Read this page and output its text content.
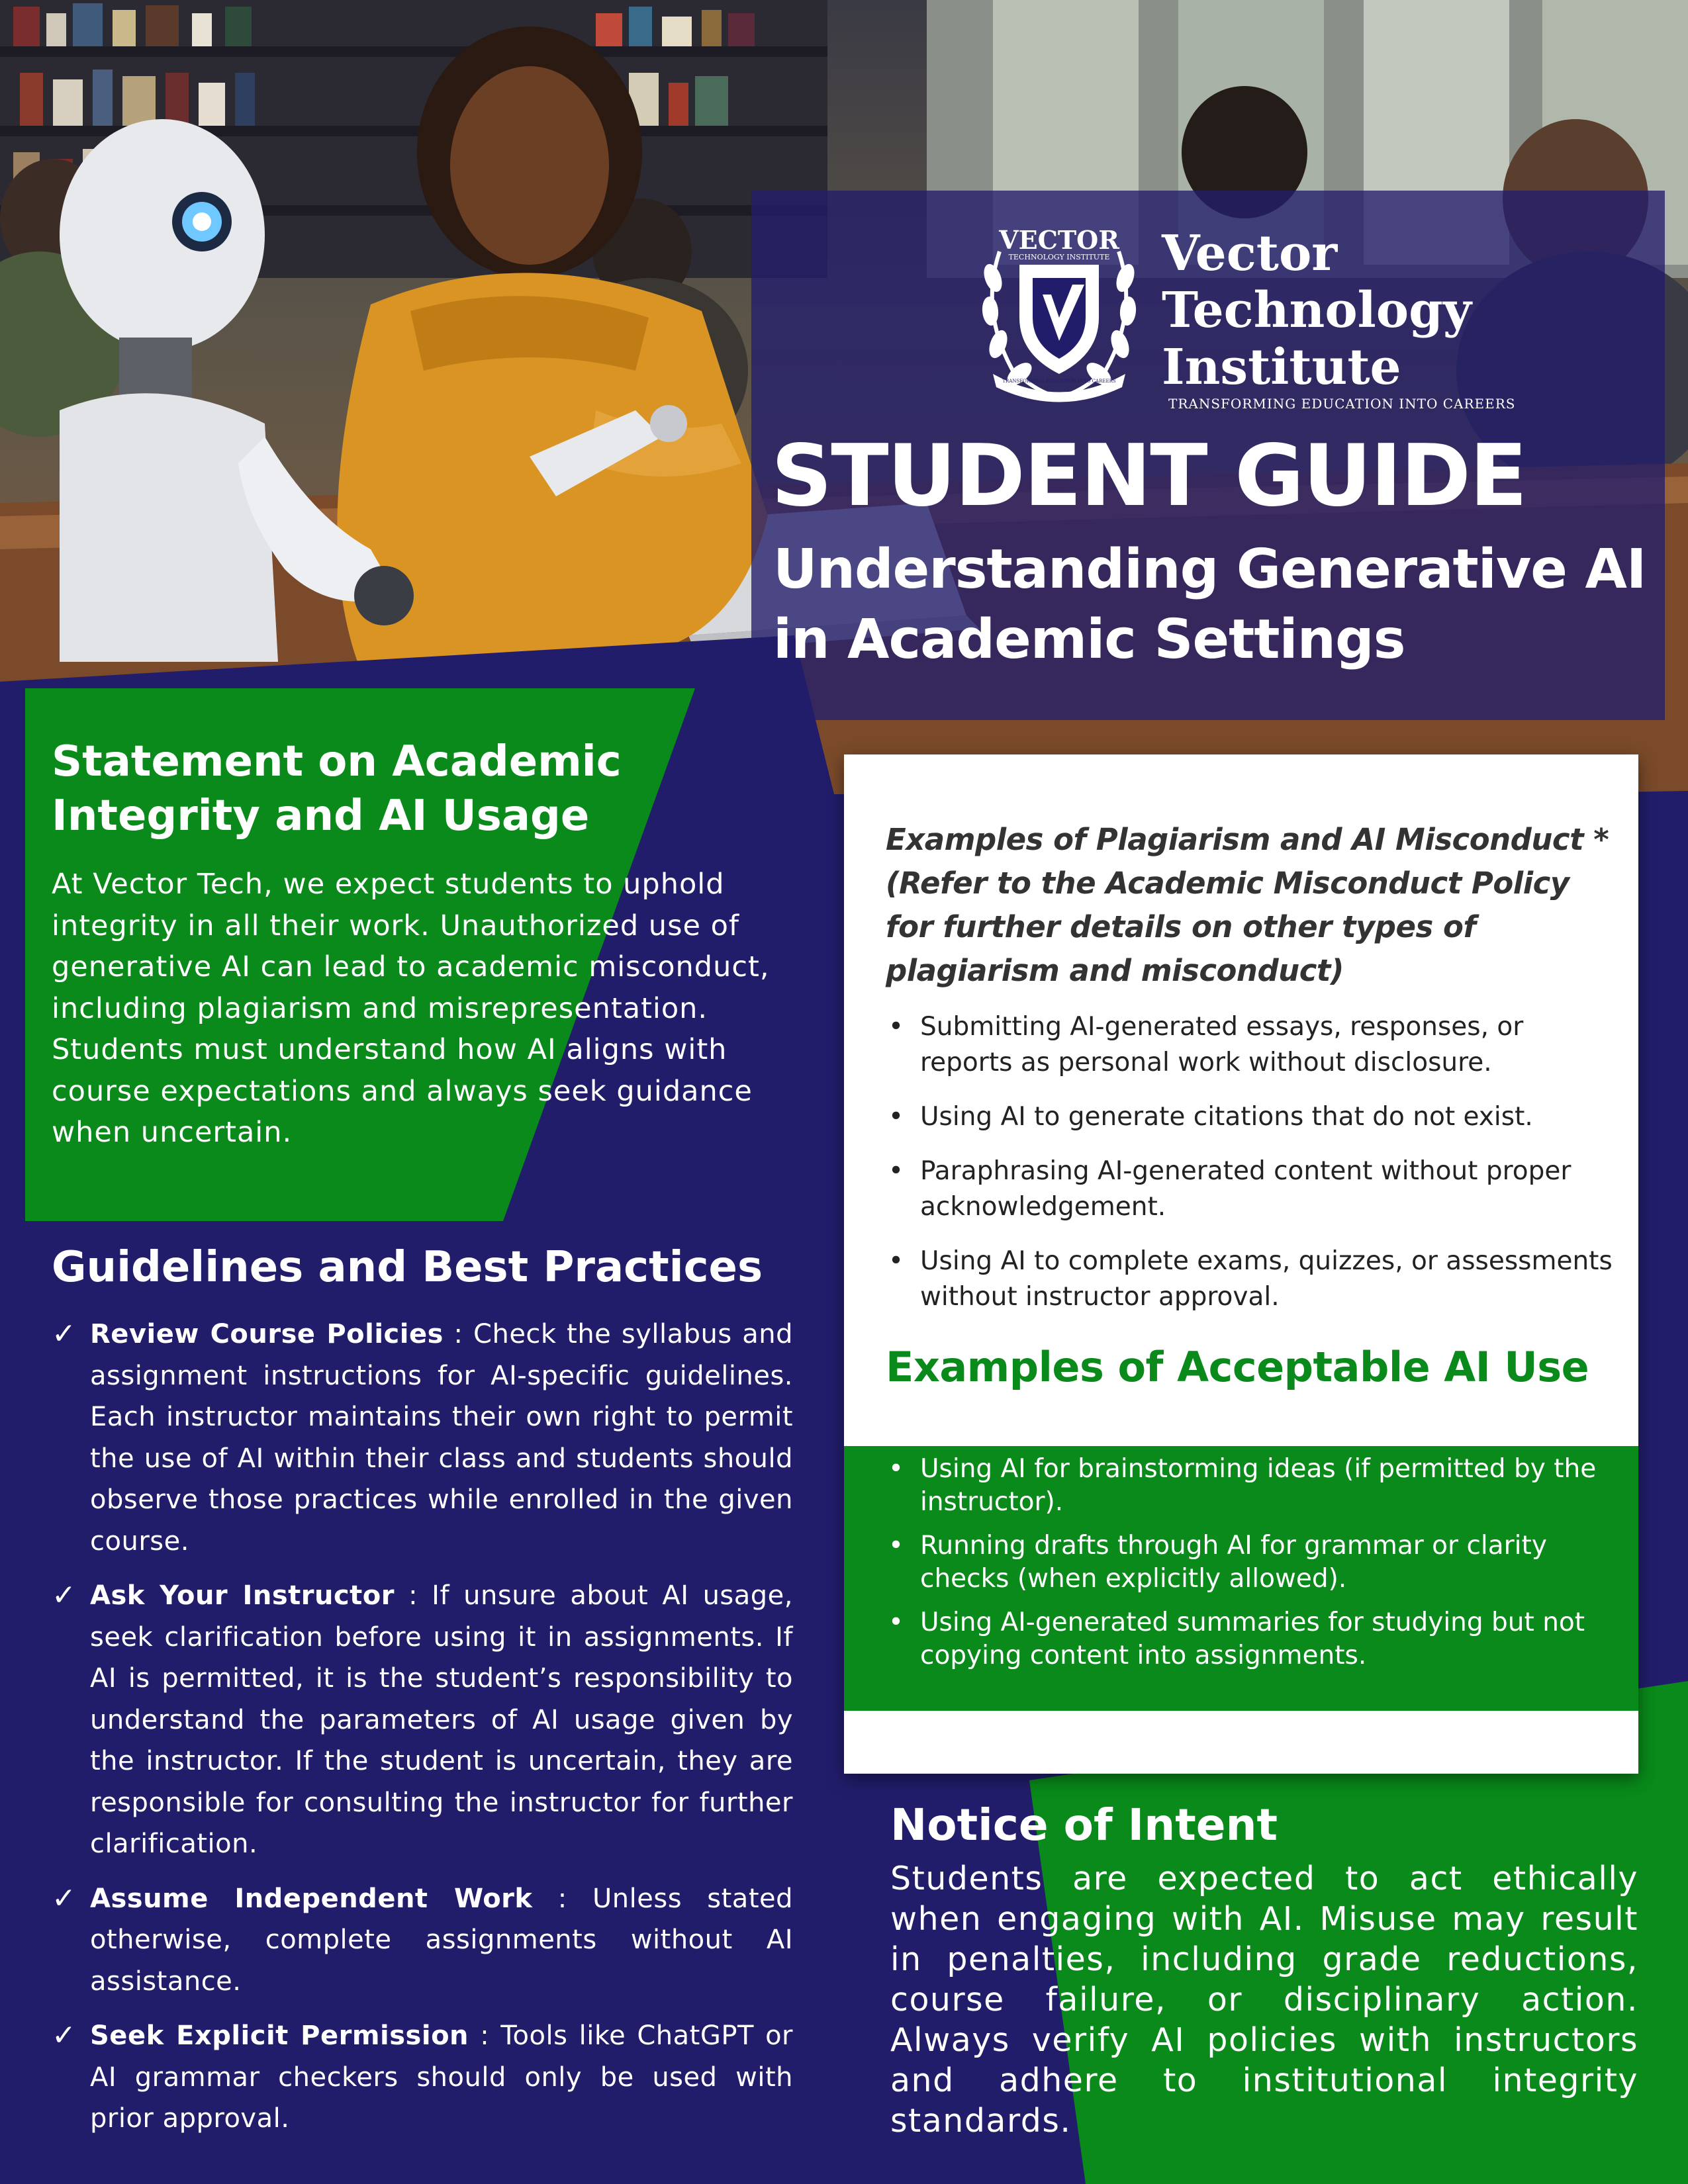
VECTOR
TECHNOLOGY INSTITUTE
TRANSFORMING EDUCATION INTO CAREERS
Vector
Technology
Institute
TRANSFORMING EDUCATION INTO CAREERS
STUDENT GUIDE
Understanding Generative AI in Academic Settings
Statement on Academic Integrity and AI Usage
At Vector Tech, we expect students to uphold integrity in all their work. Unauthorized use of generative AI can lead to academic misconduct, including plagiarism and misrepresentation. Students must understand how AI aligns with course expectations and always seek guidance when uncertain.
Guidelines and Best Practices
✓ Review Course Policies : Check the syllabus and assignment instructions for AI-specific guidelines. Each instructor maintains their own right to permit the use of AI within their class and students should observe those practices while enrolled in the given course.
✓ Ask Your Instructor : If unsure about AI usage, seek clarification before using it in assignments. If AI is permitted, it is the student’s responsibility to understand the parameters of AI usage given by the instructor. If the student is uncertain, they are responsible for consulting the instructor for further clarification.
✓ Assume Independent Work : Unless stated otherwise, complete assignments without AI assistance.
✓ Seek Explicit Permission : Tools like ChatGPT or AI grammar checkers should only be used with prior approval.
Examples of Plagiarism and AI Misconduct *(Refer to the Academic Misconduct Policy for further details on other types of plagiarism and misconduct)
• Submitting AI-generated essays, responses, or reports as personal work without disclosure.
• Using AI to generate citations that do not exist.
• Paraphrasing AI-generated content without proper acknowledgement.
• Using AI to complete exams, quizzes, or assessments without instructor approval.
Examples of Acceptable AI Use
• Using AI for brainstorming ideas (if permitted by the instructor).
• Running drafts through AI for grammar or clarity checks (when explicitly allowed).
• Using AI-generated summaries for studying but not copying content into assignments.
Notice of Intent
Students are expected to act ethically when engaging with AI. Misuse may result in penalties, including grade reductions, course failure, or disciplinary action. Always verify AI policies with instructors and adhere to institutional integrity standards.
